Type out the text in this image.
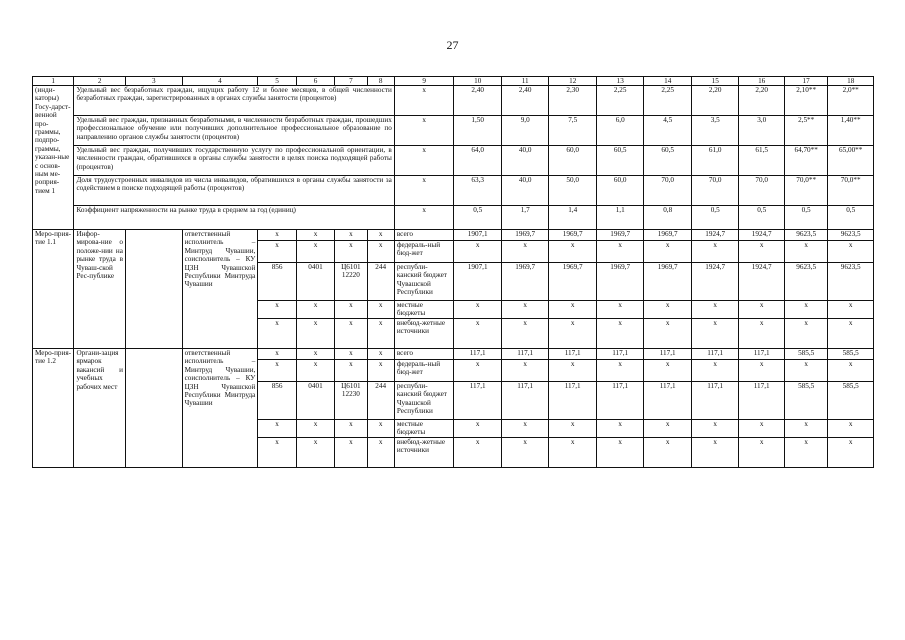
27
1	2	3	4	5	6	7	8	9	10	11	12	13	14	15	16	17	18
(инди-каторы) Госу-дарст-венной про-граммы, подпро-граммы, указан-ные с основ-ным ме-роприя-тием 1	Удельный вес безработных граждан, ищущих работу 12 и более месяцев, в общей численности безработных граждан, зарегистрированных в органах службы занятости (процентов)							x	2,40	2,40	2,30	2,25	2,25	2,20	2,20	2,10**	2,0**
	Удельный вес граждан, признанных безработными, в численности безработных граждан, прошедших профессиональное обучение или получивших дополнительное профессиональное образование по направлению органов службы занятости (процентов)							x	1,50	9,0	7,5	6,0	4,5	3,5	3,0	2,5**	1,40**
	Удельный вес граждан, получивших государственную услугу по профессиональной ориентации, в численности граждан, обратившихся в органы службы занятости в целях поиска подходящей работы (процентов)							x	64,0	40,0	60,0	60,5	60,5	61,0	61,5	64,70**	65,00**
	Доля трудоустроенных инвалидов из числа инвалидов, обратившихся в органы службы занятости за содействием в поиске подходящей работы (процентов)							x	63,3	40,0	50,0	60,0	70,0	70,0	70,0	70,0**	70,0**
	Коэффициент напряженности на рынке труда в среднем за год (единиц)							x	0,5	1,7	1,4	1,1	0,8	0,5	0,5	0,5	0,5
Меро-прия-тие 1.1	Инфор-мирова-ние о положе-нии на рынке труда в Чуваш-ской Рес-публике		ответственный исполнитель – Минтруд Чувашии, соисполнитель – КУ ЦЗН Чувашской Республики Минтруда Чувашии	x	x	x	x	всего	1907,1	1969,7	1969,7	1969,7	1969,7	1924,7	1924,7	9623,5	9623,5
				x	x	x	x	федераль-ный бюд-жет	x	x	x	x	x	x	x	x	x
				856	0401	Ц6101 12220	244	республи-канский бюджет Чувашской Республики	1907,1	1969,7	1969,7	1969,7	1969,7	1924,7	1924,7	9623,5	9623,5
				x	x	x	x	местные бюджеты	x	x	x	x	x	x	x	x	x
				x	x	x	x	внебюд-жетные источники	x	x	x	x	x	x	x	x	x
Меро-прия-тие 1.2	Органи-зация ярмарок вакансий и учебных рабочих мест		ответственный исполнитель – Минтруд Чувашии, соисполнитель – КУ ЦЗН Чувашской Республики Минтруда Чувашии	x	x	x	x	всего	117,1	117,1	117,1	117,1	117,1	117,1	117,1	585,5	585,5
				x	x	x	x	федераль-ный бюд-жет	x	x	x	x	x	x	x	x	x
				856	0401	Ц6101 12230	244	республи-канский бюджет Чувашской Республики	117,1	117,1	117,1	117,1	117,1	117,1	117,1	585,5	585,5
				x	x	x	x	местные бюджеты	x	x	x	x	x	x	x	x	x
				x	x	x	x	внебюд-жетные источники	x	x	x	x	x	x	x	x	x
